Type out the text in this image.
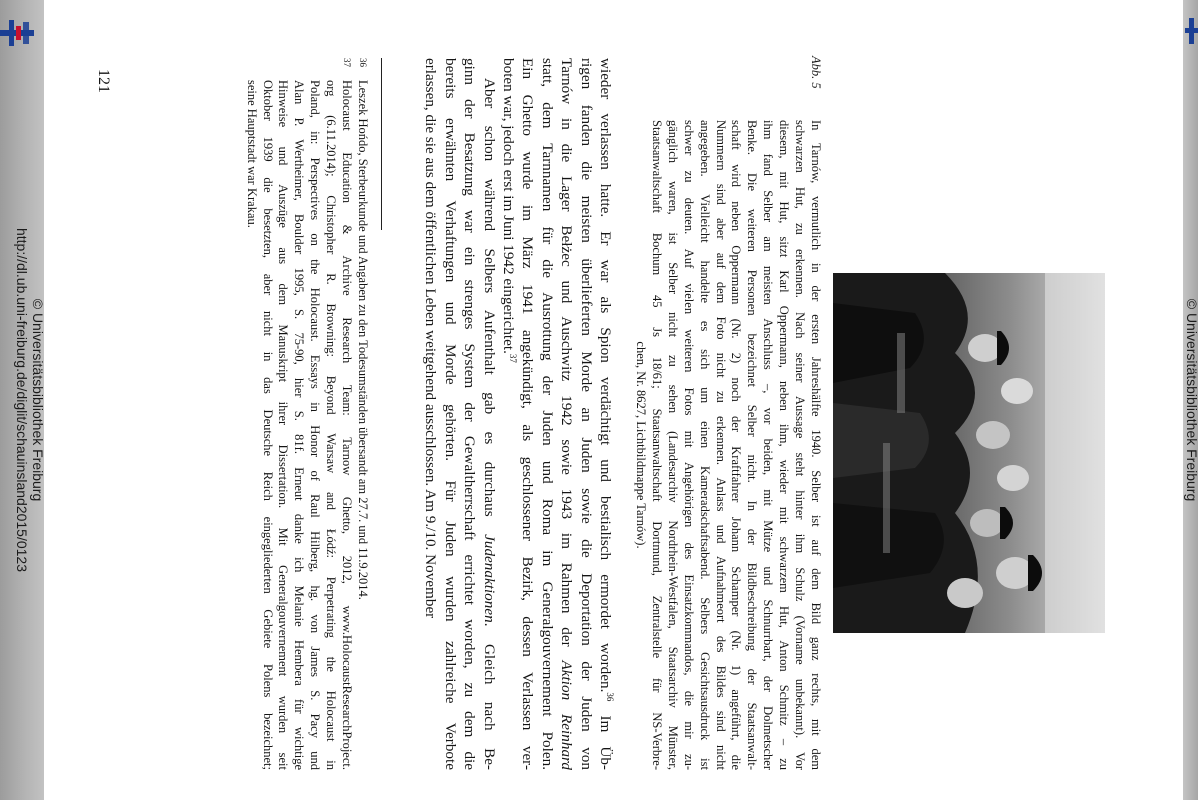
http://dl.ub.uni-freiburg.de/diglit/schauinsland2015/0123 © Universitätsbibliothek Freiburg	© Universitätsbibliothek Freiburg
Abb. 5
In Tarnów, vermutlich in der ersten Jahreshälfte 1940. Selber ist auf dem Bild ganz rechts, mit dem
schwarzen Hut, zu erkennen. Nach seiner Aussage steht hinter ihm Schulz (Vorname unbekannt). Vor
diesem, mit Hut, sitzt Karl Oppermann, neben ihm, wieder mit schwarzem Hut, Anton Schmitz – zu
ihm fand Selber am meisten Anschluss –, vor beiden, mit Mütze und Schnurrbart, der Dolmetscher
Benke. Die weiteren Personen bezeichnet Selber nicht. In der Bildbeschreibung der Staatsanwalt-
schaft wird neben Oppermann (Nr. 2) noch der Kraftfahrer Johann Schamper (Nr. 1) angeführt, die
Nummern sind aber auf dem Foto nicht zu erkennen. Anlass und Aufnahmeort des Bildes sind nicht
angegeben. Vielleicht handelte es sich um einen Kameradschaftsabend. Selbers Gesichtsausdruck ist
schwer zu deuten. Auf vielen weiteren Fotos mit Angehörigen des Einsatzkommandos, die mir zu-
gänglich waren, ist Selber nicht zu sehen (Landesarchiv Nordrhein-Westfalen, Staatsarchiv Münster,
Staatsanwaltschaft Bochum 45 Js 18/61; Staatsanwaltschaft Dortmund, Zentralstelle für NS-Verbre-
chen, Nr. 8627, Lichtbildmappe Tarnów).
wieder verlassen hatte. Er war als Spion verdächtigt und bestialisch ermordet worden.$^{36}$ Im Üb-
rigen fanden die meisten überlieferten Morde an Juden sowie die Deportation der Juden von
Tarnów in die Lager Bełżec und Auschwitz 1942 sowie 1943 im Rahmen der Aktion Reinhard
statt, dem Tarnnamen für die Ausrottung der Juden und Roma im Generalgouvernement Polen.
Ein Ghetto wurde im März 1941 angekündigt, als geschlossener Bezirk, dessen Verlassen ver-
boten war, jedoch erst im Juni 1942 eingerichtet.$^{37}$
Aber schon während Selbers Aufenthalt gab es durchaus Judenaktionen. Gleich nach Be-
ginn der Besatzung war ein strenges System der Gewaltherrschaft errichtet worden, zu dem die
bereits erwähnten Verhaftungen und Morde gehörten. Für Juden wurden zahlreiche Verbote
erlassen, die sie aus dem öffentlichen Leben weitgehend ausschlossen. Am 9./10. November
36
Leszek Hońdo, Sterbeurkunde und Angaben zu den Todesumständen übersandt am 27.7. und 11.9.2014.
37
Holocaust Education & Archive Research Team: Tarnow Ghetto, 2012, www.HolocaustResearchProject.
org (6.11.2014); Christopher R. Browning: Beyond Warsaw and Łódź: Perpetrating the Holocaust in
Poland, in: Perspectives on the Holocaust. Essays in Honor of Raul Hilberg, hg. von James S. Pacy und
Alan P. Wertheimer, Boulder 1995, S. 75-90, hier S. 81f. Erneut danke ich Melanie Hembera für wichtige
Hinweise und Auszüge aus dem Manuskript ihrer Dissertation. Mit Generalgouvernement wurden seit
Oktober 1939 die besetzten, aber nicht in das Deutsche Reich eingegliederten Gebiete Polens bezeichnet;
seine Hauptstadt war Krakau.
121
